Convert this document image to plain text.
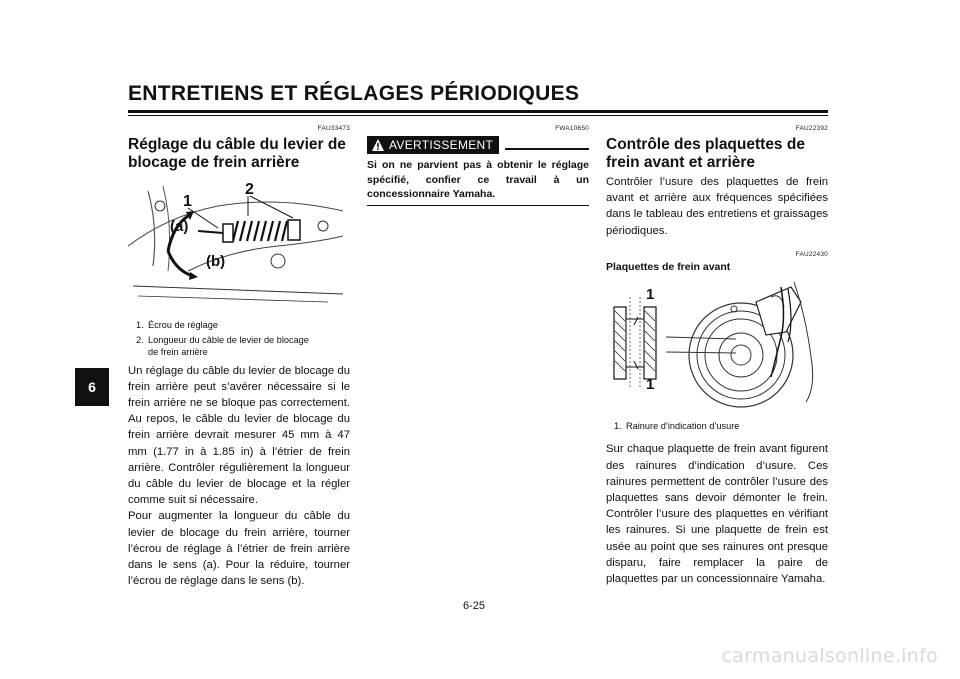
ENTRETIENS ET RÉGLAGES PÉRIODIQUES
6
FAU33473
Réglage du câble du levier de blocage de frein arrière
2
1
(a)
(b)
1. Écrou de réglage
2. Longueur du câble de levier de blocage
de frein arrière
Un réglage du câble du levier de blocage du frein arrière peut s’avérer nécessaire si le frein arrière ne se bloque pas correctement. Au repos, le câble du levier de blocage du frein arrière devrait mesurer 45 mm à 47 mm (1.77 in à 1.85 in) à l’étrier de frein arrière. Contrôler régulièrement la longueur du câble du levier de blocage et la régler comme suit si nécessaire.
Pour augmenter la longueur du câble du levier de blocage du frein arrière, tourner l’écrou de réglage à l’étrier de frein arrière dans le sens (a). Pour la réduire, tourner l’écrou de réglage dans le sens (b).
FWA10650
AVERTISSEMENT
Si on ne parvient pas à obtenir le réglage spécifié, confier ce travail à un concessionnaire Yamaha.
FAU22392
Contrôle des plaquettes de frein avant et arrière
Contrôler l’usure des plaquettes de frein avant et arrière aux fréquences spécifiées dans le tableau des entretiens et graissages périodiques.
FAU22430
Plaquettes de frein avant
1
1
1. Rainure d’indication d’usure
Sur chaque plaquette de frein avant figurent des rainures d’indication d’usure. Ces rainures permettent de contrôler l’usure des plaquettes sans devoir démonter le frein. Contrôler l’usure des plaquettes en vérifiant les rainures. Si une plaquette de frein est usée au point que ses rainures ont presque disparu, faire remplacer la paire de plaquettes par un concessionnaire Yamaha.
6-25
carmanualsonline.info
